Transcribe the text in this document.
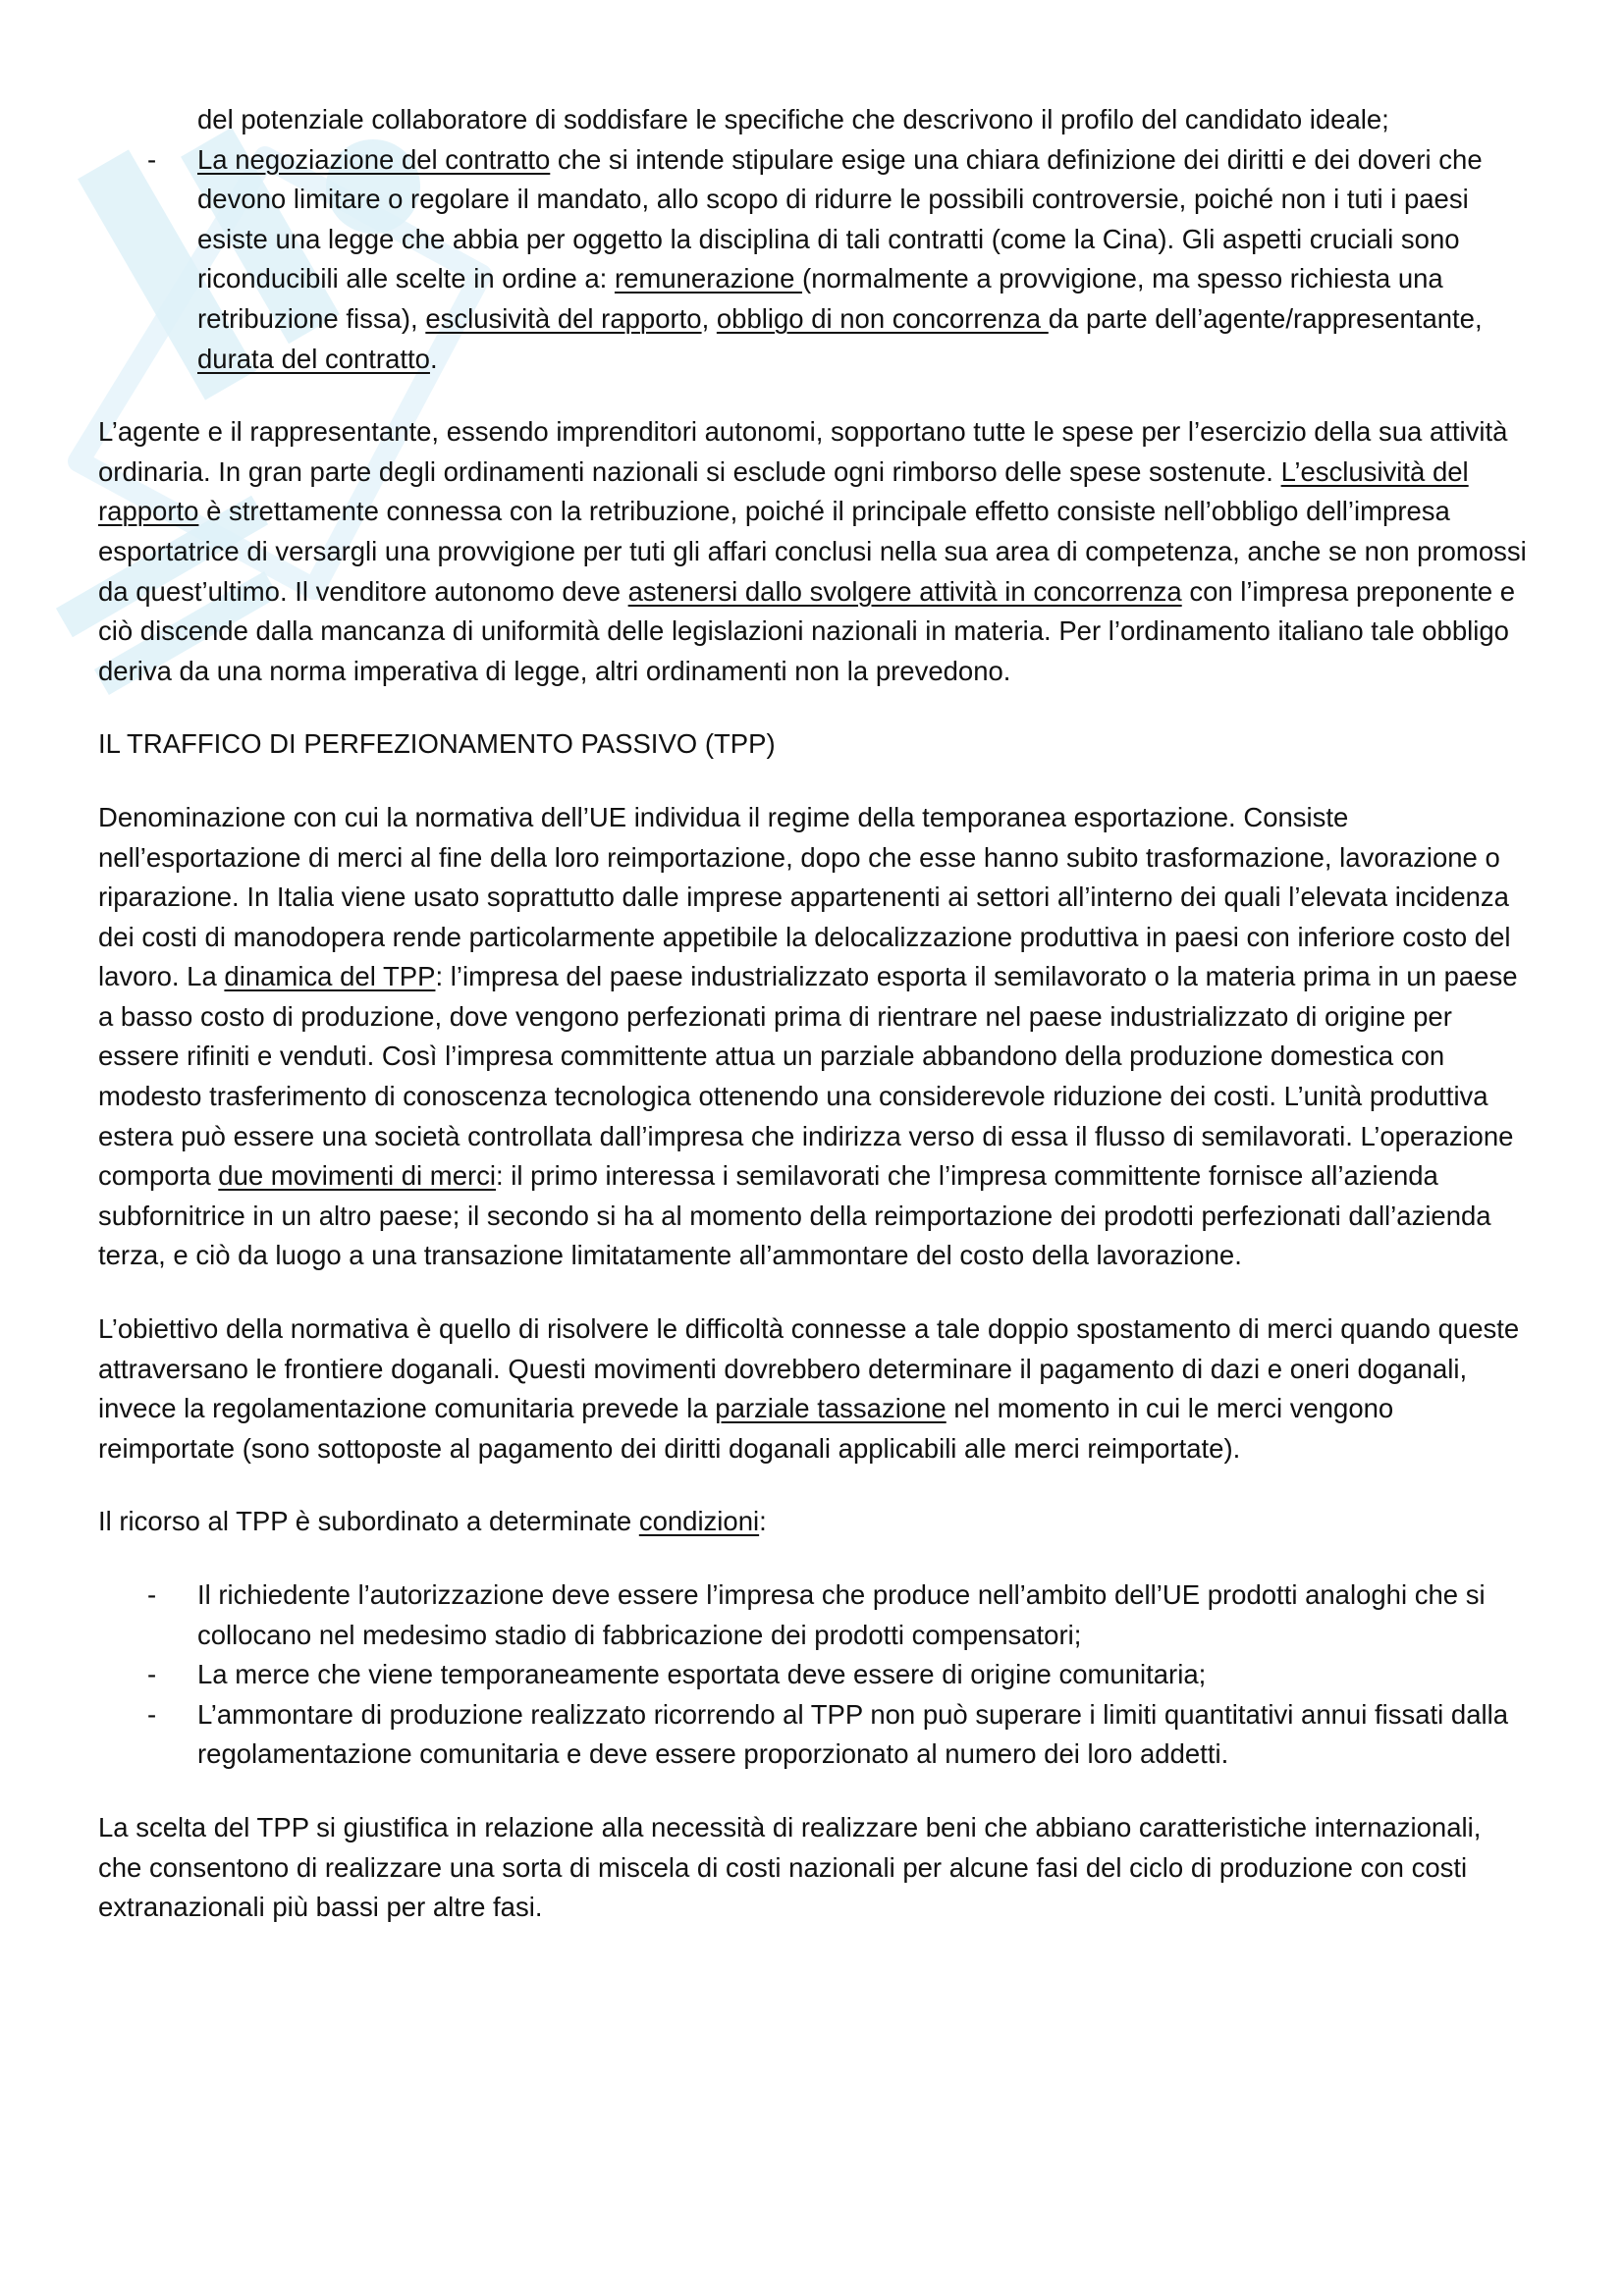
del potenziale collaboratore di soddisfare le specifiche che descrivono il profilo del candidato ideale;
- La negoziazione del contratto che si intende stipulare esige una chiara definizione dei diritti e dei doveri che devono limitare o regolare il mandato, allo scopo di ridurre le possibili controversie, poiché non i tuti i paesi esiste una legge che abbia per oggetto la disciplina di tali contratti (come la Cina). Gli aspetti cruciali sono riconducibili alle scelte in ordine a: remunerazione (normalmente a provvigione, ma spesso richiesta una retribuzione fissa), esclusività del rapporto, obbligo di non concorrenza da parte dell’agente/rappresentante, durata del contratto.

L’agente e il rappresentante, essendo imprenditori autonomi, sopportano tutte le spese per l’esercizio della sua attività ordinaria. In gran parte degli ordinamenti nazionali si esclude ogni rimborso delle spese sostenute. L’esclusività del rapporto è strettamente connessa con la retribuzione, poiché il principale effetto consiste nell’obbligo dell’impresa esportatrice di versargli una provvigione per tuti gli affari conclusi nella sua area di competenza, anche se non promossi da quest’ultimo. Il venditore autonomo deve astenersi dallo svolgere attività in concorrenza con l’impresa preponente e ciò discende dalla mancanza di uniformità delle legislazioni nazionali in materia. Per l’ordinamento italiano tale obbligo deriva da una norma imperativa di legge, altri ordinamenti non la prevedono.

IL TRAFFICO DI PERFEZIONAMENTO PASSIVO (TPP)

Denominazione con cui la normativa dell’UE individua il regime della temporanea esportazione. Consiste nell’esportazione di merci al fine della loro reimportazione, dopo che esse hanno subito trasformazione, lavorazione o riparazione. In Italia viene usato soprattutto dalle imprese appartenenti ai settori all’interno dei quali l’elevata incidenza dei costi di manodopera rende particolarmente appetibile la delocalizzazione produttiva in paesi con inferiore costo del lavoro. La dinamica del TPP: l’impresa del paese industrializzato esporta il semilavorato o la materia prima in un paese a basso costo di produzione, dove vengono perfezionati prima di rientrare nel paese industrializzato di origine per essere rifiniti e venduti. Così l’impresa committente attua un parziale abbandono della produzione domestica con modesto trasferimento di conoscenza tecnologica ottenendo una considerevole riduzione dei costi. L’unità produttiva estera può essere una società controllata dall’impresa che indirizza verso di essa il flusso di semilavorati. L’operazione comporta due movimenti di merci: il primo interessa i semilavorati che l’impresa committente fornisce all’azienda subfornitrice in un altro paese; il secondo si ha al momento della reimportazione dei prodotti perfezionati dall’azienda terza, e ciò da luogo a una transazione limitatamente all’ammontare del costo della lavorazione.

L’obiettivo della normativa è quello di risolvere le difficoltà connesse a tale doppio spostamento di merci quando queste attraversano le frontiere doganali. Questi movimenti dovrebbero determinare il pagamento di dazi e oneri doganali, invece la regolamentazione comunitaria prevede la parziale tassazione nel momento in cui le merci vengono reimportate (sono sottoposte al pagamento dei diritti doganali applicabili alle merci reimportate).

Il ricorso al TPP è subordinato a determinate condizioni:

- Il richiedente l’autorizzazione deve essere l’impresa che produce nell’ambito dell’UE prodotti analoghi che si collocano nel medesimo stadio di fabbricazione dei prodotti compensatori;
- La merce che viene temporaneamente esportata deve essere di origine comunitaria;
- L’ammontare di produzione realizzato ricorrendo al TPP non può superare i limiti quantitativi annui fissati dalla regolamentazione comunitaria e deve essere proporzionato al numero dei loro addetti.

La scelta del TPP si giustifica in relazione alla necessità di realizzare beni che abbiano caratteristiche internazionali, che consentono di realizzare una sorta di miscela di costi nazionali per alcune fasi del ciclo di produzione con costi extranazionali più bassi per altre fasi.
